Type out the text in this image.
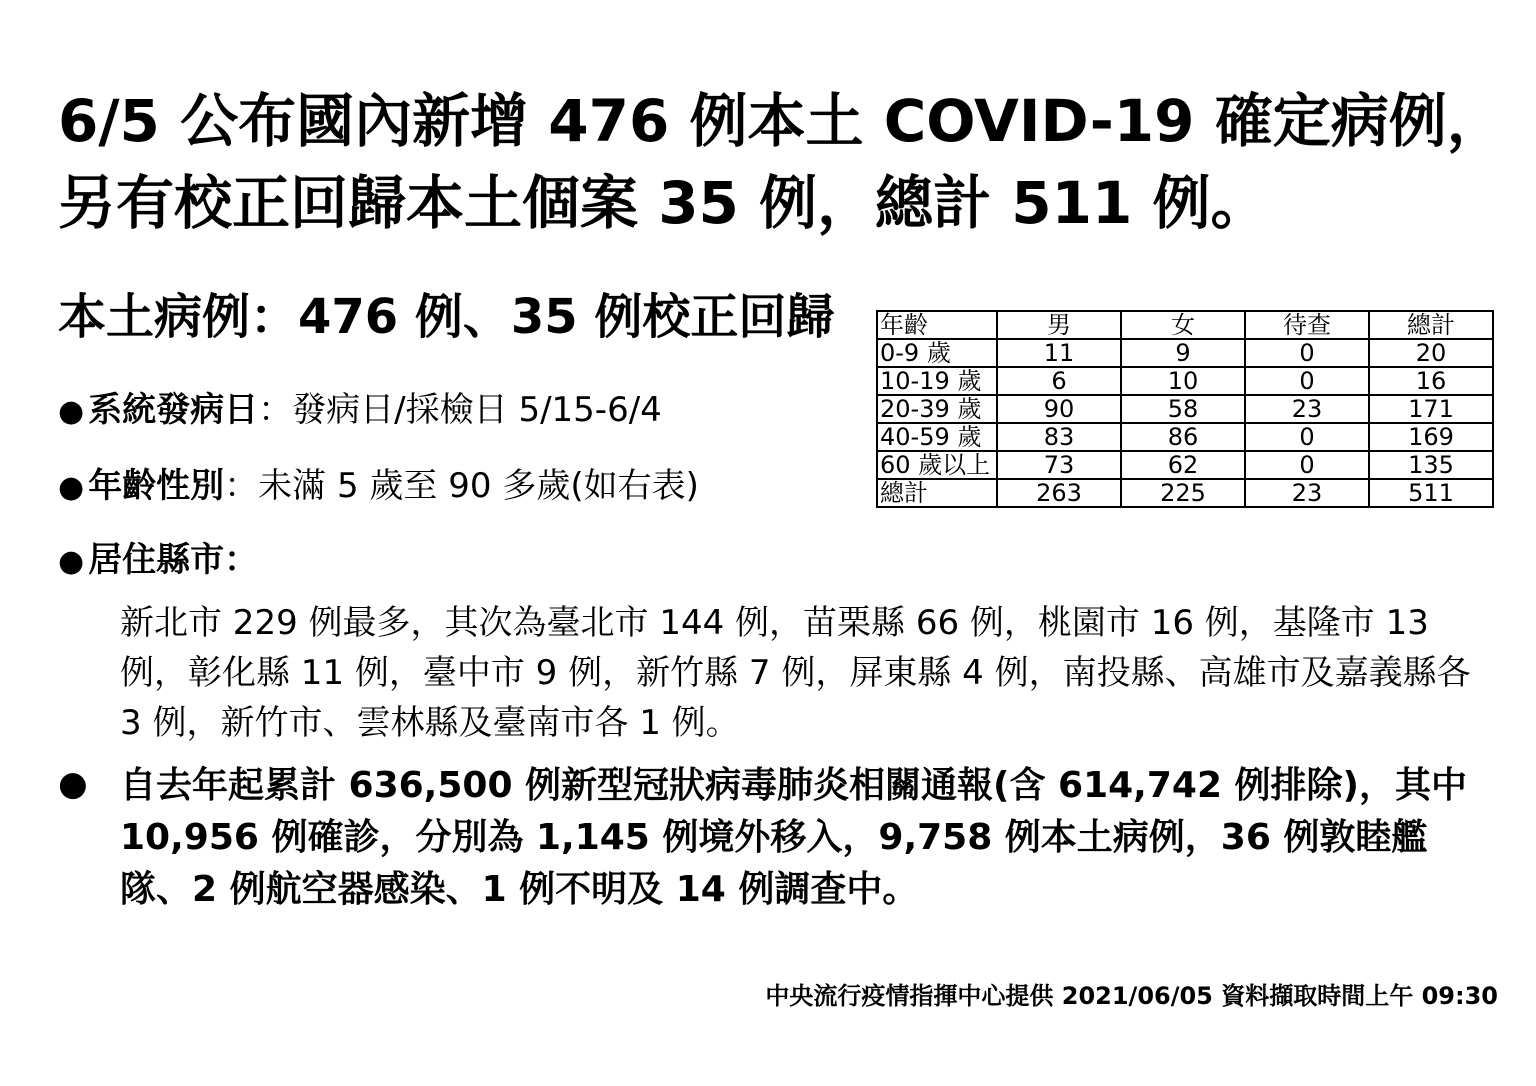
6/5 公布國內新增 476 例本土 COVID-19 確定病例，
另有校正回歸本土個案 35 例，總計 511 例。
本土病例：476 例、35 例校正回歸
● 系統發病日：發病日/採檢日 5/15-6/4
● 年齡性別：未滿 5 歲至 90 多歲(如右表)
● 居住縣市：
新北市 229 例最多，其次為臺北市 144 例，苗栗縣 66 例，桃園市 16 例，基隆市 13 例，彰化縣 11 例，臺中市 9 例，新竹縣 7 例，屏東縣 4 例，南投縣、高雄市及嘉義縣各 3 例，新竹市、雲林縣及臺南市各 1 例。
● 自去年起累計 636,500 例新型冠狀病毒肺炎相關通報(含 614,742 例排除)，其中 10,956 例確診，分別為 1,145 例境外移入，9,758 例本土病例，36 例敦睦艦隊、2 例航空器感染、1 例不明及 14 例調查中。
年齡	男	女	待查	總計
0-9 歲	11	9	0	20
10-19 歲	6	10	0	16
20-39 歲	90	58	23	171
40-59 歲	83	86	0	169
60 歲以上	73	62	0	135
總計	263	225	23	511
中央流行疫情指揮中心提供 2021/06/05 資料擷取時間上午 09:30
